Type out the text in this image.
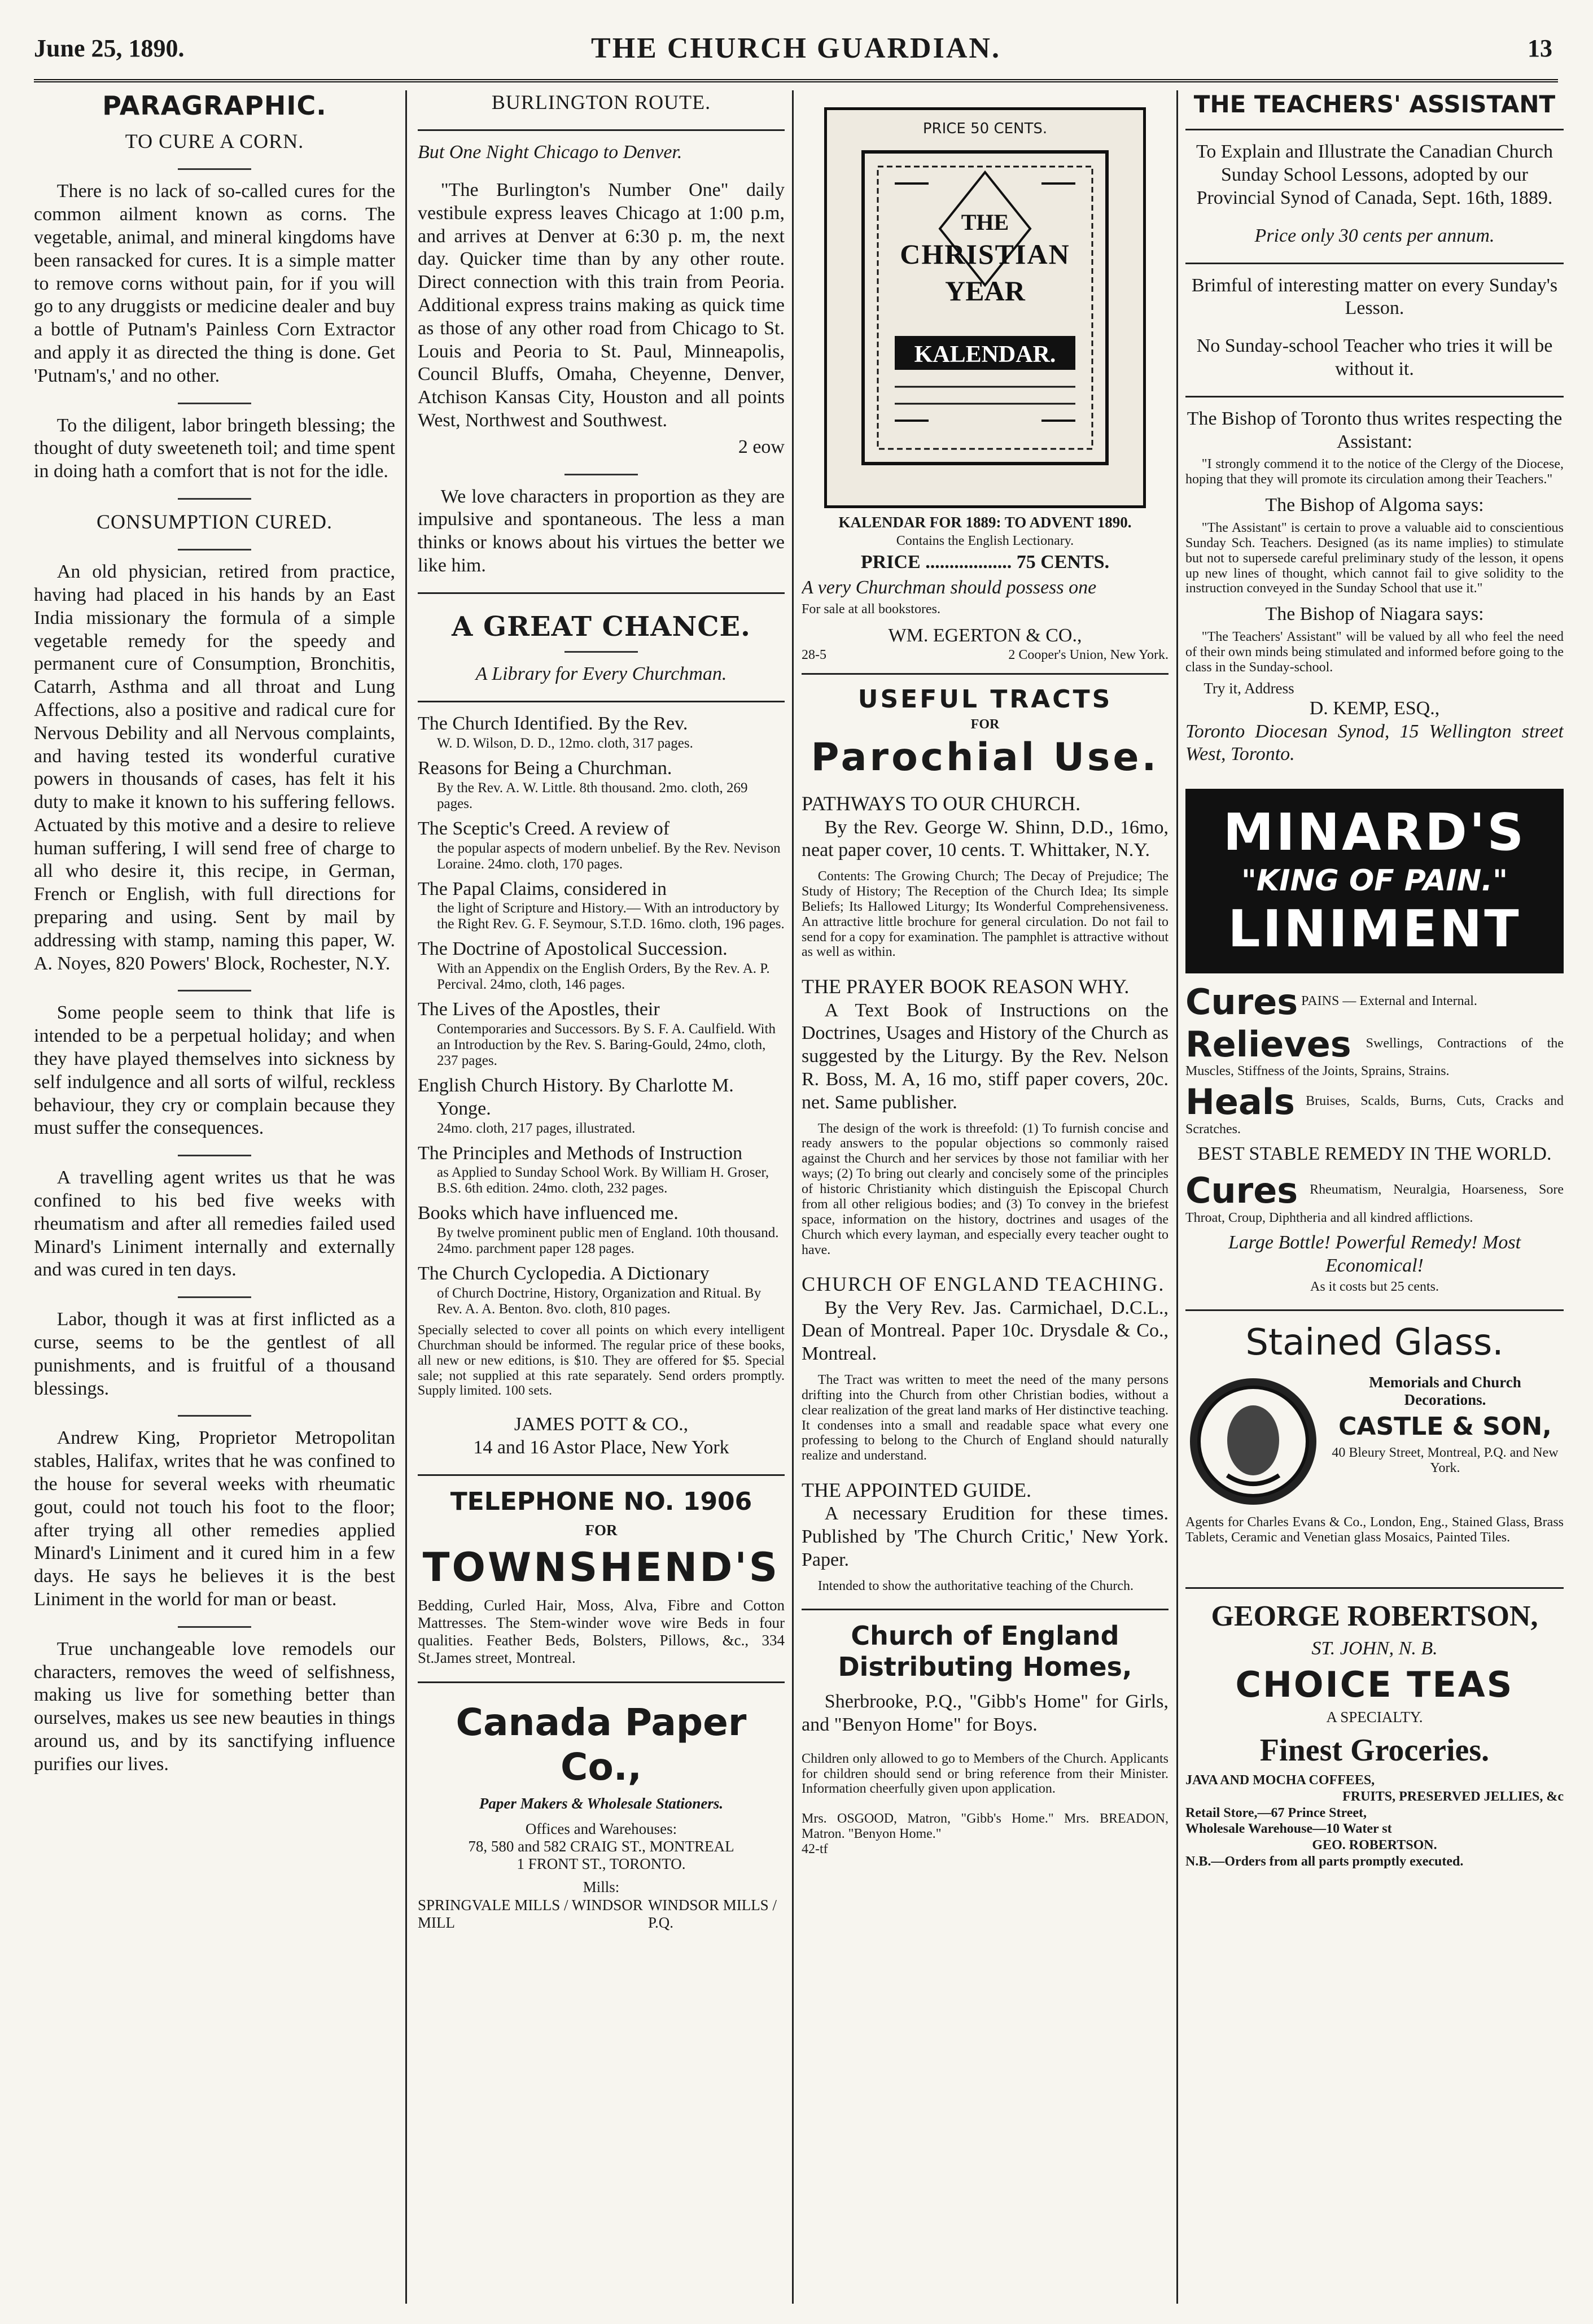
June 25, 1890.	THE CHURCH GUARDIAN.	13
PARAGRAPHIC.
TO CURE A CORN.

There is no lack of so-called cures for the common ailment known as corns. The vegetable, animal, and mineral kingdoms have been ransacked for cures. It is a simple matter to remove corns without pain, for if you will go to any druggists or medicine dealer and buy a bottle of Putnam's Painless Corn Extractor and apply it as directed the thing is done. Get 'Putnam's,' and no other.

To the diligent, labor bringeth blessing; the thought of duty sweeteneth toil; and time spent in doing hath a comfort that is not for the idle.

CONSUMPTION CURED.

An old physician, retired from practice, having had placed in his hands by an East India missionary the formula of a simple vegetable remedy for the speedy and permanent cure of Consumption, Bronchitis, Catarrh, Asthma and all throat and Lung Affections, also a positive and radical cure for Nervous Debility and all Nervous complaints, and having tested its wonderful curative powers in thousands of cases, has felt it his duty to make it known to his suffering fellows. Actuated by this motive and a desire to relieve human suffering, I will send free of charge to all who desire it, this recipe, in German, French or English, with full directions for preparing and using. Sent by mail by addressing with stamp, naming this paper, W. A. Noyes, 820 Powers' Block, Rochester, N.Y.

Some people seem to think that life is intended to be a perpetual holiday; and when they have played themselves into sickness by self indulgence and all sorts of wilful, reckless behaviour, they cry or complain because they must suffer the consequences.

A travelling agent writes us that he was confined to his bed five weeks with rheumatism and after all remedies failed used Minard's Liniment internally and externally and was cured in ten days.

Labor, though it was at first inflicted as a curse, seems to be the gentlest of all punishments, and is fruitful of a thousand blessings.

Andrew King, Proprietor Metropolitan stables, Halifax, writes that he was confined to the house for several weeks with rheumatic gout, could not touch his foot to the floor; after trying all other remedies applied Minard's Liniment and it cured him in a few days. He says he believes it is the best Liniment in the world for man or beast.

True unchangeable love remodels our characters, removes the weed of selfishness, making us live for something better than ourselves, makes us see new beauties in things around us, and by its sanctifying influence purifies our lives.

BURLINGTON ROUTE.

But One Night Chicago to Denver.

"The Burlington's Number One" daily vestibule express leaves Chicago at 1:00 p.m, and arrives at Denver at 6:30 p. m, the next day. Quicker time than by any other route. Direct connection with this train from Peoria. Additional express trains making as quick time as those of any other road from Chicago to St. Louis and Peoria to St. Paul, Minneapolis, Council Bluffs, Omaha, Cheyenne, Denver, Atchison Kansas City, Houston and all points West, Northwest and Southwest.

2 eow

We love characters in proportion as they are impulsive and spontaneous. The less a man thinks or knows about his virtues the better we like him.

A GREAT CHANCE.

A Library for Every Churchman.

The Church Identified. By the Rev.
W. D. Wilson, D. D., 12mo. cloth, 317 pages.

Reasons for Being a Churchman.
By the Rev. A. W. Little. 8th thousand. 2mo. cloth, 269 pages.

The Sceptic's Creed. A review of
the popular aspects of modern unbelief. By the Rev. Nevison Loraine. 24mo. cloth, 170 pages.

The Papal Claims, considered in
the light of Scripture and History.— With an introductory by the Right Rev. G. F. Seymour, S.T.D. 16mo. cloth, 196 pages.

The Doctrine of Apostolical Succession.
With an Appendix on the English Orders, By the Rev. A. P. Percival. 24mo, cloth, 146 pages.

The Lives of the Apostles, their
Contemporaries and Successors. By S. F. A. Caulfield. With an Introduction by the Rev. S. Baring-Gould, 24mo, cloth, 237 pages.

English Church History. By Charlotte M. Yonge.
24mo. cloth, 217 pages, illustrated.

The Principles and Methods of Instruction
as Applied to Sunday School Work. By William H. Groser, B.S. 6th edition. 24mo. cloth, 232 pages.

Books which have influenced me.
By twelve prominent public men of England. 10th thousand. 24mo. parchment paper 128 pages.

The Church Cyclopedia. A Dictionary
of Church Doctrine, History, Organization and Ritual. By Rev. A. A. Benton. 8vo. cloth, 810 pages.

Specially selected to cover all points on which every intelligent Churchman should be informed. The regular price of these books, all new or new editions, is $10. They are offered for $5. Special sale; not supplied at this rate separately. Send orders promptly. Supply limited. 100 sets.

JAMES POTT & CO.,

14 and 16 Astor Place, New York

TELEPHONE NO. 1906

FOR

TOWNSHEND'S

Bedding, Curled Hair, Moss, Alva, Fibre and Cotton Mattresses. The Stem-winder wove wire Beds in four qualities. Feather Beds, Bolsters, Pillows, &c., 334 St.James street, Montreal.

Canada Paper Co.,

Paper Makers & Wholesale Stationers.

Offices and Warehouses:

78, 580 and 582 CRAIG ST., MONTREAL

1 FRONT ST., TORONTO.

Mills:

SPRINGVALE MILLS / WINDSOR MILL
WINDSOR MILLS / P.Q.
PRICE 50 CENTS.
THE
CHRISTIAN
YEAR
KALENDAR.

KALENDAR FOR 1889: TO ADVENT 1890.

Contains the English Lectionary.

PRICE .................. 75 CENTS.

A very Churchman should possess one

For sale at all bookstores.

WM. EGERTON & CO.,

28-5	2 Cooper's Union, New York.
USEFUL TRACTS

FOR

Parochial Use.
PATHWAYS TO OUR CHURCH.

By the Rev. George W. Shinn, D.D., 16mo, neat paper cover, 10 cents. T. Whittaker, N.Y.

Contents: The Growing Church; The Decay of Prejudice; The Study of History; The Reception of the Church Idea; Its simple Beliefs; Its Hallowed Liturgy; Its Wonderful Comprehensiveness. An attractive little brochure for general circulation. Do not fail to send for a copy for examination. The pamphlet is attractive without as well as within.

THE PRAYER BOOK REASON WHY.

A Text Book of Instructions on the Doctrines, Usages and History of the Church as suggested by the Liturgy. By the Rev. Nelson R. Boss, M. A, 16 mo, stiff paper covers, 20c. net. Same publisher.

The design of the work is threefold: (1) To furnish concise and ready answers to the popular objections so commonly raised against the Church and her services by those not familiar with her ways; (2) To bring out clearly and concisely some of the principles of historic Christianity which distinguish the Episcopal Church from all other religious bodies; and (3) To convey in the briefest space, information on the history, doctrines and usages of the Church which every layman, and especially every teacher ought to have.

CHURCH OF ENGLAND TEACHING.

By the Very Rev. Jas. Carmichael, D.C.L., Dean of Montreal. Paper 10c. Drysdale & Co., Montreal.

The Tract was written to meet the need of the many persons drifting into the Church from other Christian bodies, without a clear realization of the great land marks of Her distinctive teaching. It condenses into a small and readable space what every one professing to belong to the Church of England should naturally realize and understand.

THE APPOINTED GUIDE.

A necessary Erudition for these times. Published by 'The Church Critic,' New York. Paper.

Intended to show the authoritative teaching of the Church.

Church of England Distributing Homes,

Sherbrooke, P.Q., "Gibb's Home" for Girls, and "Benyon Home" for Boys.

Children only allowed to go to Members of the Church. Applicants for children should send or bring reference from their Minister. Information cheerfully given upon application.

Mrs. OSGOOD, Matron, "Gibb's Home." Mrs. BREADON, Matron. "Benyon Home."

42-tf

THE TEACHERS' ASSISTANT

To Explain and Illustrate the Canadian Church Sunday School Lessons, adopted by our Provincial Synod of Canada, Sept. 16th, 1889.

Price only 30 cents per annum.

Brimful of interesting matter on every Sunday's Lesson.

No Sunday-school Teacher who tries it will be without it.

The Bishop of Toronto thus writes respecting the Assistant:

"I strongly commend it to the notice of the Clergy of the Diocese, hoping that they will promote its circulation among their Teachers."

The Bishop of Algoma says:

"The Assistant" is certain to prove a valuable aid to conscientious Sunday Sch. Teachers. Designed (as its name implies) to stimulate but not to supersede careful preliminary study of the lesson, it opens up new lines of thought, which cannot fail to give solidity to the instruction conveyed in the Sunday School that use it."

The Bishop of Niagara says:

"The Teachers' Assistant" will be valued by all who feel the need of their own minds being stimulated and informed before going to the class in the Sunday-school.

Try it, Address

D. KEMP, ESQ.,

Toronto Diocesan Synod, 15 Wellington street West, Toronto.

MINARD'S
"KING OF PAIN."
LINIMENT

Cures PAINS — External and Internal.

Relieves Swellings, Contractions of the Muscles, Stiffness of the Joints, Sprains, Strains.

Heals Bruises, Scalds, Burns, Cuts, Cracks and Scratches.

BEST STABLE REMEDY IN THE WORLD.

Cures Rheumatism, Neuralgia, Hoarseness, Sore Throat, Croup, Diphtheria and all kindred afflictions.

Large Bottle! Powerful Remedy! Most Economical!

As it costs but 25 cents.

Stained Glass.

Memorials and Church Decorations.

CASTLE & SON,

40 Bleury Street, Montreal, P.Q. and New York.

Agents for Charles Evans & Co., London, Eng., Stained Glass, Brass Tablets, Ceramic and Venetian glass Mosaics, Painted Tiles.

GEORGE ROBERTSON,

ST. JOHN, N. B.

CHOICE TEAS

A SPECIALTY.

Finest Groceries.

JAVA AND MOCHA COFFEES,

FRUITS, PRESERVED JELLIES, &c

Retail Store,—67 Prince Street,

Wholesale Warehouse—10 Water st

GEO. ROBERTSON.

N.B.—Orders from all parts promptly executed.
